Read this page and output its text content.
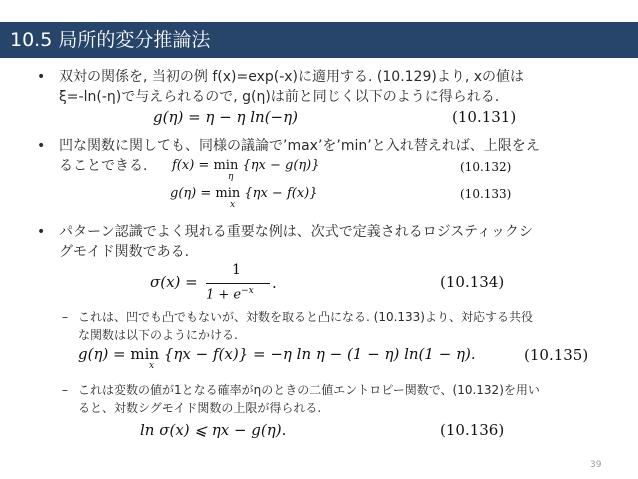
10.5 局所的変分推論法
• 双対の関係を, 当初の例 f(x)=exp(-x)に適用する. (10.129)より, xの値は
ξ=-ln(-η)で与えられるので, g(η)は前と同じく以下のように得られる.
g(η) = η − η ln(−η)	(10.131)
• 凹な関数に関しても、同様の議論で’max’を’min’と入れ替えれば、上限をえ
ることできる.	f(x) = min {ηx − g(η)}
η
(10.132)
g(η) = min {ηx − f(x)}
x
(10.133)
• パターン認識でよく現れる重要な例は、次式で定義されるロジスティックシ
グモイド関数である.
σ(x) =
1
$1 + e^{-x}$ .	(10.134)
– これは、凹でも凸でもないが、対数を取ると凸になる. (10.133)より、対応する共役
な関数は以下のようにかける.
g(η) = min {ηx − f(x)} = −η ln η − (1 − η) ln(1 − η).
x
(10.135)
– これは変数の値が1となる確率がηのときの二値エントロピー関数で、(10.132)を用い
ると、対数シグモイド関数の上限が得られる.
ln σ(x) ⩽ ηx − g(η).	(10.136)
39
